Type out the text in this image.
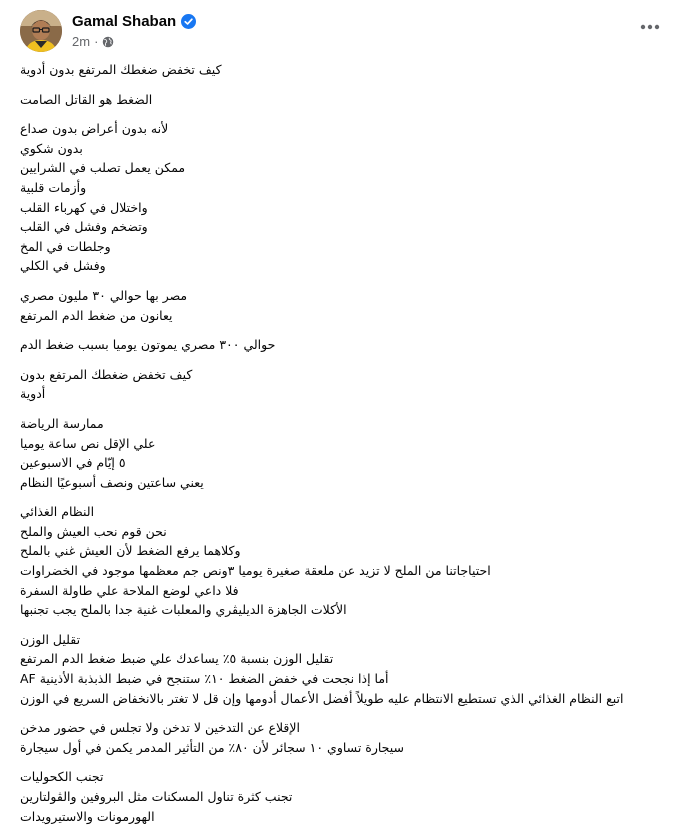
Gamal Shaban
2m ·
كيف تخفض ضغطك المرتفع بدون أدوية
الضغط هو القاتل الصامت
لأنه بدون أعراض بدون صداع
بدون شكوي
ممكن يعمل تصلب في الشرايين
وأزمات قلبية
واختلال في كهرباء القلب
وتضخم وفشل في القلب
وجلطات في المخ
وفشل في الكلي
مصر بها حوالي ٣٠ مليون مصري
يعانون من ضغط الدم المرتفع
حوالي ٣٠٠ مصري يموتون يوميا بسبب ضغط الدم
كيف تخفض ضغطك المرتفع بدون
أدوية
ممارسة الرياضة
علي الإقل نص ساعة يوميا
٥ إيّام في الاسبوعين
يعني ساعتين ونصف أسبوعيًا النظام
النظام الغذائي
نحن قوم نحب العيش والملح
وكلاهما يرفع الضغط لأن العيش غني بالملح
احتياجاتنا من الملح لا تزيد عن ملعقة صغيرة يوميا ٣ونص جم معظمها موجود في الخضراوات
فلا داعي لوضع الملاحة علي طاولة السفرة
الأكلات الجاهزة الديليڤري والمعلبات غنية جدا بالملح يجب تجنبها
تقليل الوزن
تقليل الوزن بنسبة ٥٪ يساعدك علي ضبط ضغط الدم المرتفع
أما إذا نجحت في خفض الضغط ١٠٪ ستنجح في ضبط الذبذبة الأذينية AF
اتبع النظام الغذائي الذي تستطيع الانتظام عليه طويلاً أفضل الأعمال أدومها وإن قل لا تغتر بالانخفاض السريع في الوزن
الإقلاع عن التدخين لا تدخن ولا تجلس في حضور مدخن
سيجارة تساوي ١٠ سجائر لأن ٨٠٪ من التأثير المدمر يكمن في أول سيجارة
تجنب الكحوليات
تجنب كثرة تناول المسكنات مثل البروفين والڤولتارين
الهورمونات والاستيرويدات
